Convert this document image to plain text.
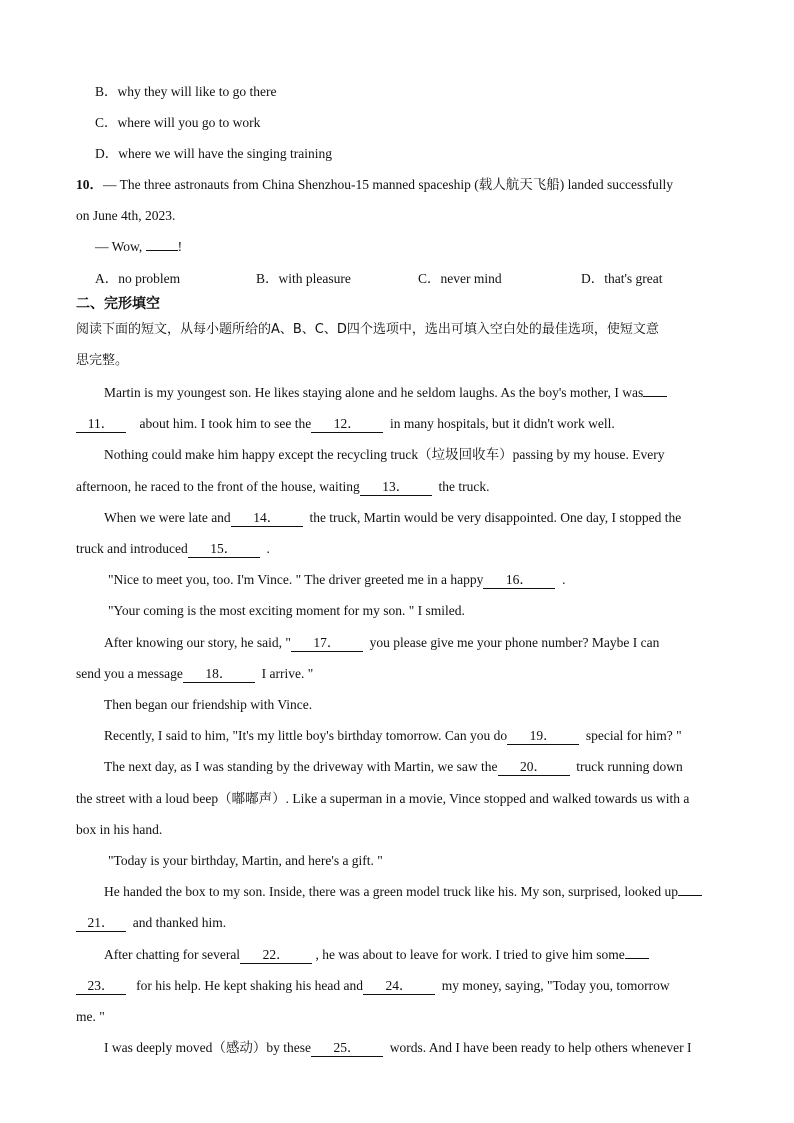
B．why they will like to go there
C．where will you go to work
D．where we will have the singing training
10．— The three astronauts from China Shenzhou-15 manned spaceship (载人航天飞船) landed successfully
on June 4th, 2023.
— Wow, !
A．no problem	B．with pleasure	C．never mind	D．that's great
二、完形填空
阅读下面的短文，从每小题所给的A、B、C、D四个选项中，选出可填入空白处的最佳选项，使短文意
思完整。
Martin is my youngest son. He likes staying alone and he seldom laughs. As the boy's mother, I was
11． about him. I took him to see the 12． in many hospitals, but it didn't work well.
Nothing could make him happy except the recycling truck（垃圾回收车）passing by my house. Every
afternoon, he raced to the front of the house, waiting 13． the truck.
When we were late and 14． the truck, Martin would be very disappointed. One day, I stopped the
truck and introduced 15． .
"Nice to meet you, too. I'm Vince. " The driver greeted me in a happy 16． .
"Your coming is the most exciting moment for my son. " I smiled.
After knowing our story, he said, " 17． you please give me your phone number? Maybe I can
send you a message 18． I arrive. "
Then began our friendship with Vince.
Recently, I said to him, "It's my little boy's birthday tomorrow. Can you do 19． special for him? "
The next day, as I was standing by the driveway with Martin, we saw the 20． truck running down
the street with a loud beep（嘟嘟声）. Like a superman in a movie, Vince stopped and walked towards us with a
box in his hand.
"Today is your birthday, Martin, and here's a gift. "
He handed the box to my son. Inside, there was a green model truck like his. My son, surprised, looked up
21． and thanked him.
After chatting for several 22． , he was about to leave for work. I tried to give him some
23． for his help. He kept shaking his head and 24． my money, saying, "Today you, tomorrow
me. "
I was deeply moved（感动）by these 25． words. And I have been ready to help others whenever I
